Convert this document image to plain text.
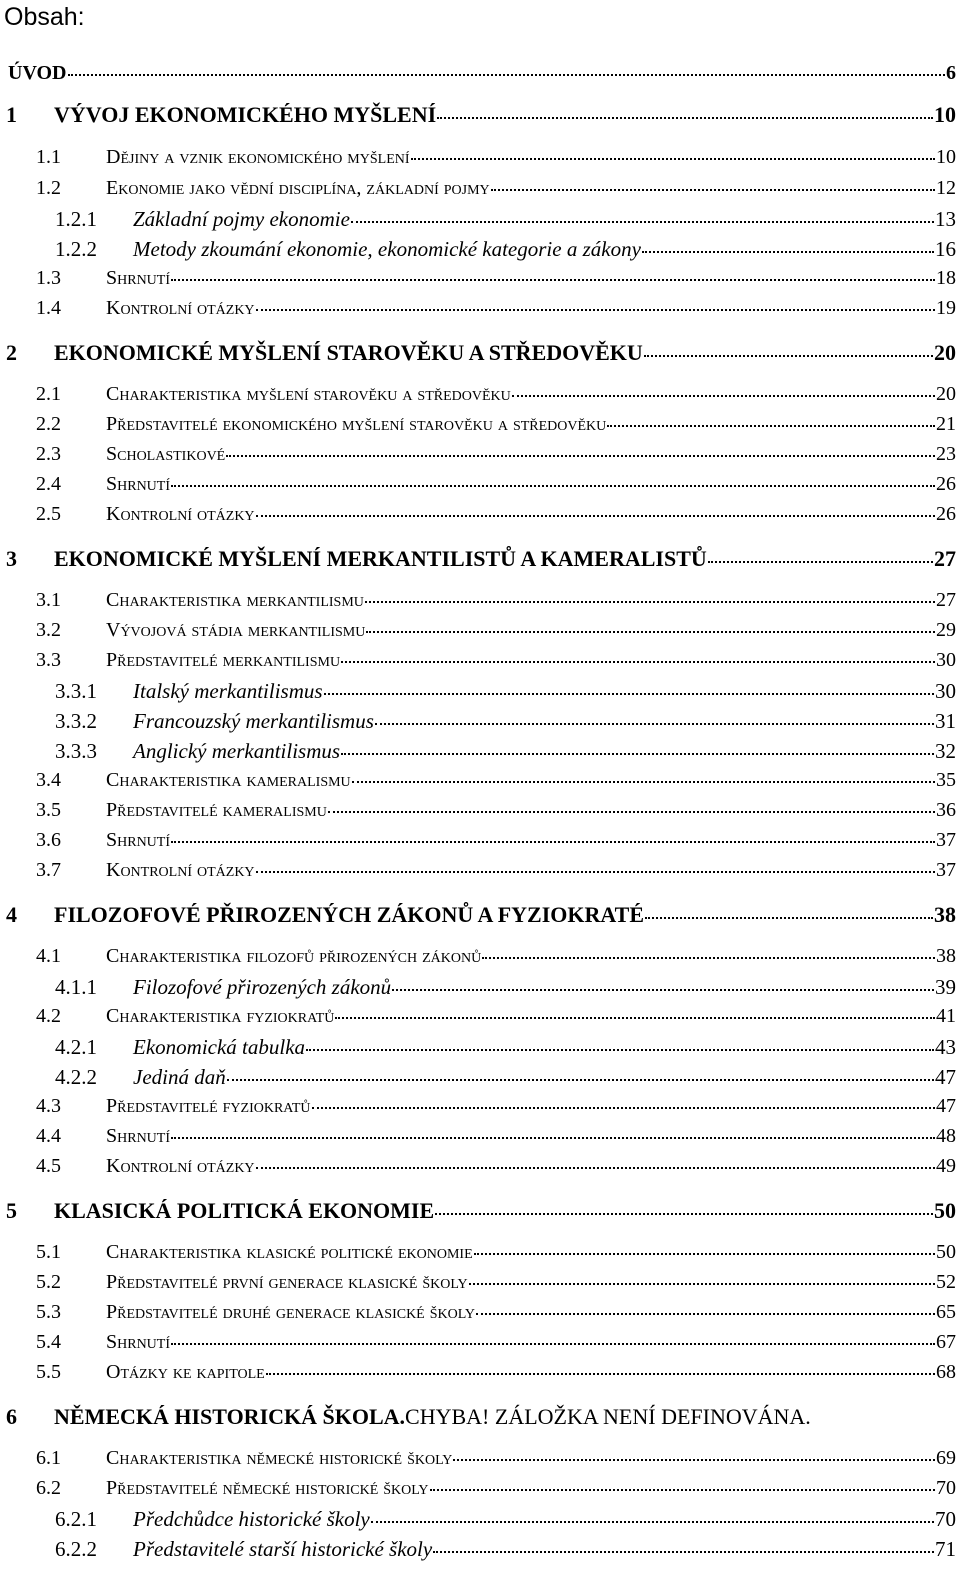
Obsah:
ÚVOD	6
1	VÝVOJ EKONOMICKÉHO MYŠLENÍ	10
1.1	Dějiny a vznik ekonomického myšlení	10
1.2	Ekonomie jako vědní disciplína, základní pojmy	12
1.2.1	Základní pojmy ekonomie	13
1.2.2	Metody zkoumání ekonomie, ekonomické kategorie a zákony	16
1.3	Shrnutí	18
1.4	Kontrolní otázky	19
2	EKONOMICKÉ MYŠLENÍ STAROVĚKU A STŘEDOVĚKU	20
2.1	Charakteristika myšlení starověku a středověku	20
2.2	Představitelé ekonomického myšlení starověku a středověku	21
2.3	Scholastikové	23
2.4	Shrnutí	26
2.5	Kontrolní otázky	26
3	EKONOMICKÉ MYŠLENÍ MERKANTILISTŮ A KAMERALISTŮ	27
3.1	Charakteristika merkantilismu	27
3.2	Vývojová stádia merkantilismu	29
3.3	Představitelé merkantilismu	30
3.3.1	Italský merkantilismus	30
3.3.2	Francouzský merkantilismus	31
3.3.3	Anglický merkantilismus	32
3.4	Charakteristika kameralismu	35
3.5	Představitelé kameralismu	36
3.6	Shrnutí	37
3.7	Kontrolní otázky	37
4	FILOZOFOVÉ PŘIROZENÝCH ZÁKONŮ A FYZIOKRATÉ	38
4.1	Charakteristika filozofů přirozených zákonů	38
4.1.1	Filozofové přirozených zákonů	39
4.2	Charakteristika fyziokratů	41
4.2.1	Ekonomická tabulka	43
4.2.2	Jediná daň	47
4.3	Představitelé fyziokratů	47
4.4	Shrnutí	48
4.5	Kontrolní otázky	49
5	KLASICKÁ POLITICKÁ EKONOMIE	50
5.1	Charakteristika klasické politické ekonomie	50
5.2	Představitelé první generace klasické školy	52
5.3	Představitelé druhé generace klasické školy	65
5.4	Shrnutí	67
5.5	Otázky ke kapitole	68
6	NĚMECKÁ HISTORICKÁ ŠKOLA. CHYBA! ZÁLOŽKA NENÍ DEFINOVÁNA.
6.1	Charakteristika německé historické školy	69
6.2	Představitelé německé historické školy	70
6.2.1	Předchůdce historické školy	70
6.2.2	Představitelé starší historické školy	71
